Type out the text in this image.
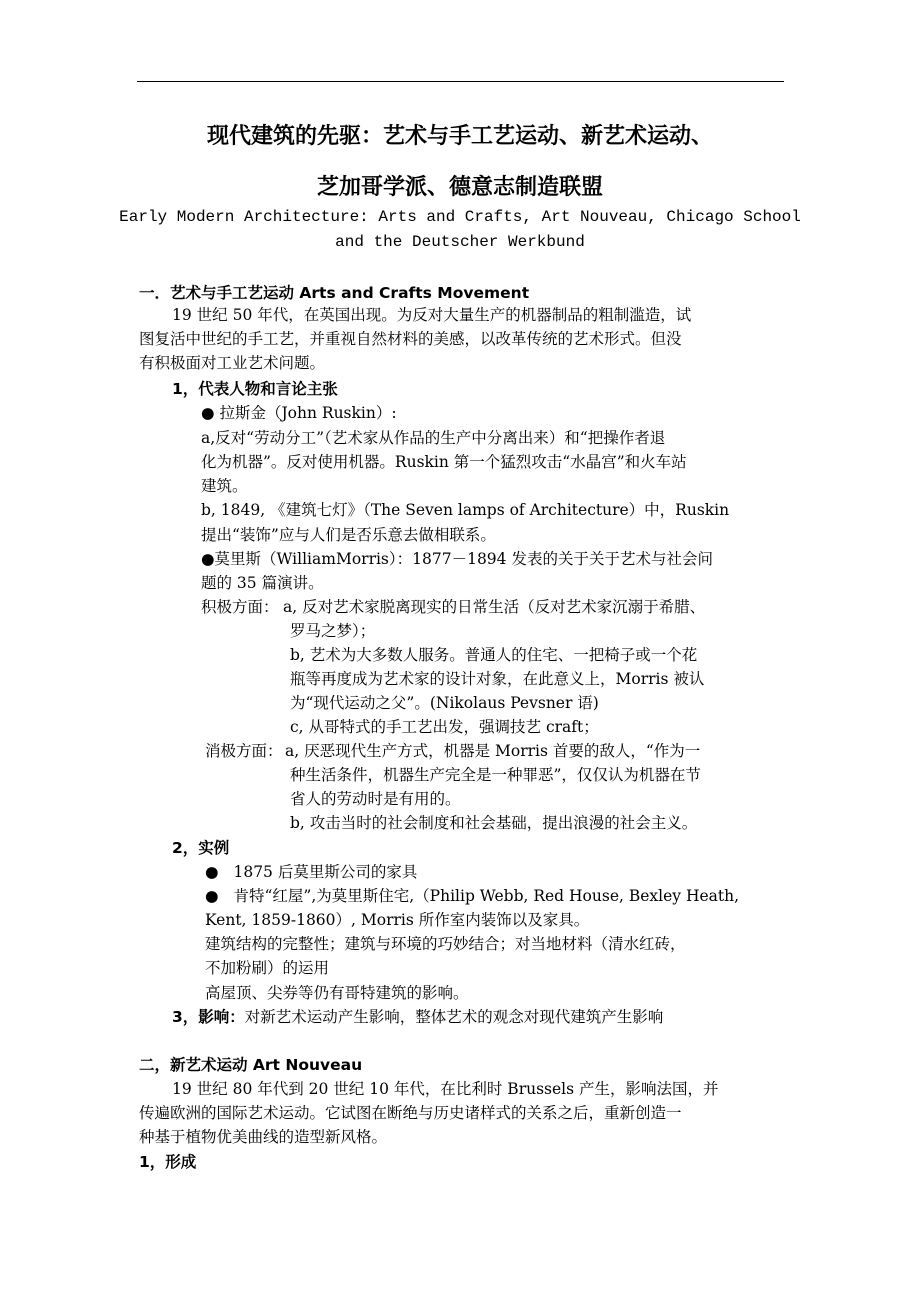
现代建筑的先驱：艺术与手工艺运动、新艺术运动、
芝加哥学派、德意志制造联盟
Early Modern Architecture: Arts and Crafts, Art Nouveau, Chicago School
and the Deutscher Werkbund
一．艺术与手工艺运动 Arts and Crafts Movement
19 世纪 50 年代，在英国出现。为反对大量生产的机器制品的粗制滥造，试
图复活中世纪的手工艺，并重视自然材料的美感，以改革传统的艺术形式。但没
有积极面对工业艺术问题。
1，代表人物和言论主张
● 拉斯金（John Ruskin）:
a,反对“劳动分工”（艺术家从作品的生产中分离出来）和“把操作者退
化为机器”。反对使用机器。Ruskin 第一个猛烈攻击“水晶宫”和火车站
建筑。
b, 1849, 《建筑七灯》（The Seven lamps of Architecture）中，Ruskin
提出“装饰”应与人们是否乐意去做相联系。
●莫里斯（WilliamMorris）：1877－1894 发表的关于关于艺术与社会问
题的 35 篇演讲。
积极方面： a, 反对艺术家脱离现实的日常生活（反对艺术家沉溺于希腊、
罗马之梦）；
b, 艺术为大多数人服务。普通人的住宅、一把椅子或一个花
瓶等再度成为艺术家的设计对象，在此意义上，Morris 被认
为“现代运动之父”。(Nikolaus Pevsner 语)
c, 从哥特式的手工艺出发，强调技艺 craft；
消极方面： a, 厌恶现代生产方式，机器是 Morris 首要的敌人，“作为一
种生活条件，机器生产完全是一种罪恶”，仅仅认为机器在节
省人的劳动时是有用的。
b, 攻击当时的社会制度和社会基础，提出浪漫的社会主义。
2，实例
● 1875 后莫里斯公司的家具
● 肯特“红屋”,为莫里斯住宅,（Philip Webb, Red House, Bexley Heath,
Kent, 1859-1860）, Morris 所作室内装饰以及家具。
建筑结构的完整性；建筑与环境的巧妙结合；对当地材料（清水红砖，
不加粉刷）的运用
高屋顶、尖券等仍有哥特建筑的影响。
3，影响：对新艺术运动产生影响，整体艺术的观念对现代建筑产生影响
二，新艺术运动 Art Nouveau
19 世纪 80 年代到 20 世纪 10 年代，在比利时 Brussels 产生，影响法国，并
传遍欧洲的国际艺术运动。它试图在断绝与历史诸样式的关系之后，重新创造一
种基于植物优美曲线的造型新风格。
1，形成
